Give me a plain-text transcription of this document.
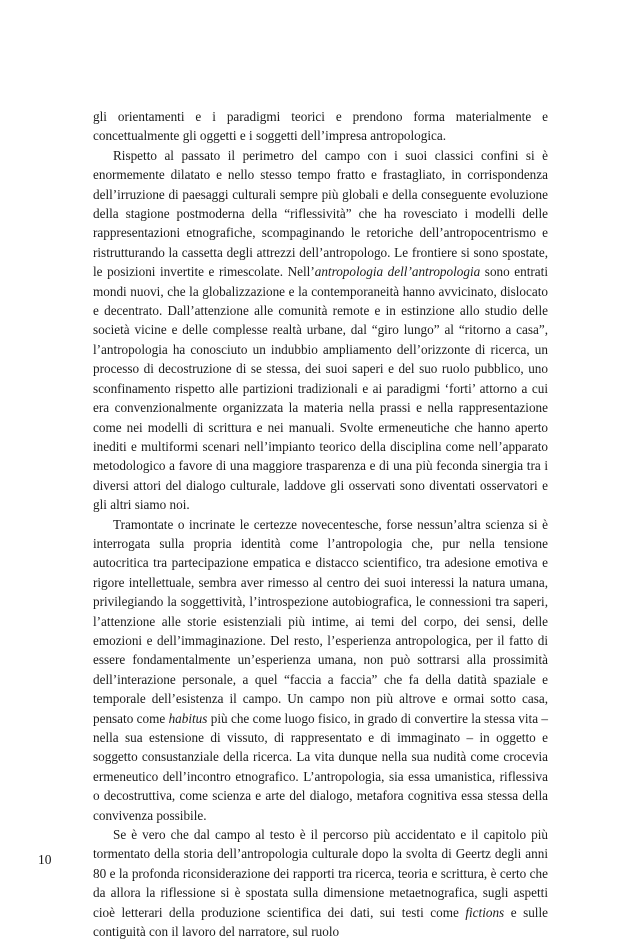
gli orientamenti e i paradigmi teorici e prendono forma materialmente e concettualmente gli oggetti e i soggetti dell’impresa antropologica.

Rispetto al passato il perimetro del campo con i suoi classici confini si è enormemente dilatato e nello stesso tempo fratto e frastagliato, in corrispondenza dell’irruzione di paesaggi culturali sempre più globali e della conseguente evoluzione della stagione postmoderna della “riflessività” che ha rovesciato i modelli delle rappresentazioni etnografiche, scompaginando le retoriche dell’antropocentrismo e ristrutturando la cassetta degli attrezzi dell’antropologo. Le frontiere si sono spostate, le posizioni invertite e rimescolate. Nell’antropologia dell’antropologia sono entrati mondi nuovi, che la globalizzazione e la contemporaneità hanno avvicinato, dislocato e decentrato. Dall’attenzione alle comunità remote e in estinzione allo studio delle società vicine e delle complesse realtà urbane, dal “giro lungo” al “ritorno a casa”, l’antropologia ha conosciuto un indubbio ampliamento dell’orizzonte di ricerca, un processo di decostruzione di se stessa, dei suoi saperi e del suo ruolo pubblico, uno sconfinamento rispetto alle partizioni tradizionali e ai paradigmi ‘forti’ attorno a cui era convenzionalmente organizzata la materia nella prassi e nella rappresentazione come nei modelli di scrittura e nei manuali. Svolte ermeneutiche che hanno aperto inediti e multiformi scenari nell’impianto teorico della disciplina come nell’apparato metodologico a favore di una maggiore trasparenza e di una più feconda sinergia tra i diversi attori del dialogo culturale, laddove gli osservati sono diventati osservatori e gli altri siamo noi.

Tramontate o incrinate le certezze novecentesche, forse nessun’altra scienza si è interrogata sulla propria identità come l’antropologia che, pur nella tensione autocritica tra partecipazione empatica e distacco scientifico, tra adesione emotiva e rigore intellettuale, sembra aver rimesso al centro dei suoi interessi la natura umana, privilegiando la soggettività, l’introspezione autobiografica, le connessioni tra saperi, l’attenzione alle storie esistenziali più intime, ai temi del corpo, dei sensi, delle emozioni e dell’immaginazione. Del resto, l’esperienza antropologica, per il fatto di essere fondamentalmente un’esperienza umana, non può sottrarsi alla prossimità dell’interazione personale, a quel “faccia a faccia” che fa della datità spaziale e temporale dell’esistenza il campo. Un campo non più altrove e ormai sotto casa, pensato come habitus più che come luogo fisico, in grado di convertire la stessa vita – nella sua estensione di vissuto, di rappresentato e di immaginato – in oggetto e soggetto consustanziale della ricerca. La vita dunque nella sua nudità come crocevia ermeneutico dell’incontro etnografico. L’antropologia, sia essa umanistica, riflessiva o decostruttiva, come scienza e arte del dialogo, metafora cognitiva essa stessa della convivenza possibile.

Se è vero che dal campo al testo è il percorso più accidentato e il capitolo più tormentato della storia dell’antropologia culturale dopo la svolta di Geertz degli anni 80 e la profonda riconsiderazione dei rapporti tra ricerca, teoria e scrittura, è certo che da allora la riflessione si è spostata sulla dimensione metaetnografica, sugli aspetti cioè letterari della produzione scientifica dei dati, sui testi come fictions e sulle contiguità con il lavoro del narratore, sul ruolo

10
